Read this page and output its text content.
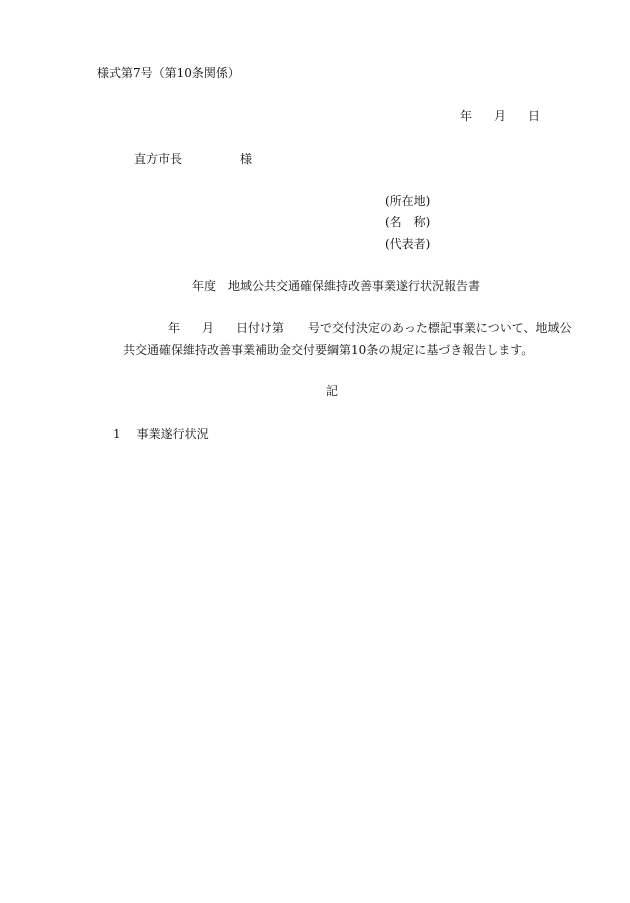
様式第7号（第10条関係）
年 月 日
直方市長	様
(所在地)
(名　称)
(代表者)
年度 地域公共交通確保維持改善事業遂行状況報告書
年 月 日付け第 号で交付決定のあった標記事業について、地域公
共交通確保維持改善事業補助金交付要綱第10条の規定に基づき報告します。
記
1 事業遂行状況
